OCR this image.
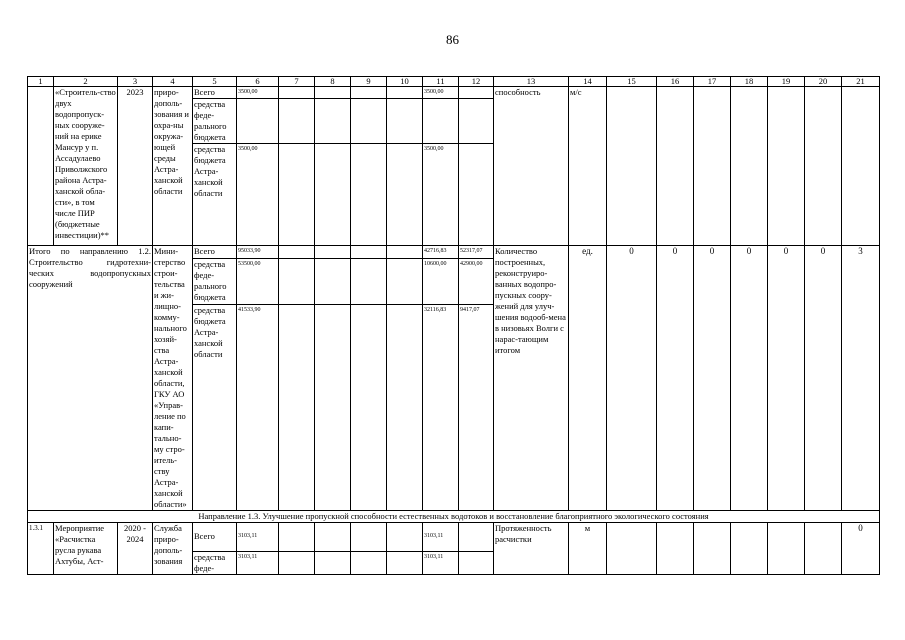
86
1	2	3	4	5	6	7	8	9	10	11	12	13	14	15	16	17	18	19	20	21
	«Строитель-ство двух водопропуск-ных сооруже-ний на ерике Мансур у п. Ассадулаево Приволжского района Астра-ханской обла-сти», в том числе ПИР (бюджетные инвестиции)**	2023	приро-дополь-зования и охра-ны окружа-ющей среды Астра-ханской области	Всего	3500,00					3500,00		способность	м/с							
				средства феде-рального бюджета																
				средства бюджета Астра-ханской области	3500,00					3500,00										
Итого по направлению 1.2. Строительство гидротехни-ческих водопропускных сооружений			Мини-стерство строи-тельства и жи-лищно-комму-нального хозяй-ства Астра-ханской области, ГКУ АО «Управ-ление по капи-тально-му стро-итель-ству Астра-ханской области»	Всего	95033,90					42716,83	52317,07	Количество построенных, реконструиро-ванных водопро-пускных соору-жений для улуч-шения водооб-мена в низовьях Волги с нарас-тающим итогом	ед.	0	0	0	0	0	0	3
				средства феде-рального бюджета	53500,00					10600,00	42900,00									
				средства бюджета Астра-ханской области	41533,90					32116,83	9417,07									
Направление 1.3. Улучшение пропускной способности естественных водотоков и восстановление благоприятного экологического состояния																				
1.3.1	Мероприятие «Расчистка русла рукава Ахтубы, Аст-	2020 - 2024	Служба приро-дополь-зования	Всего	3103,11					3103,11		Протяженность расчистки	м							0
				средства феде-	3103,11					3103,11										
